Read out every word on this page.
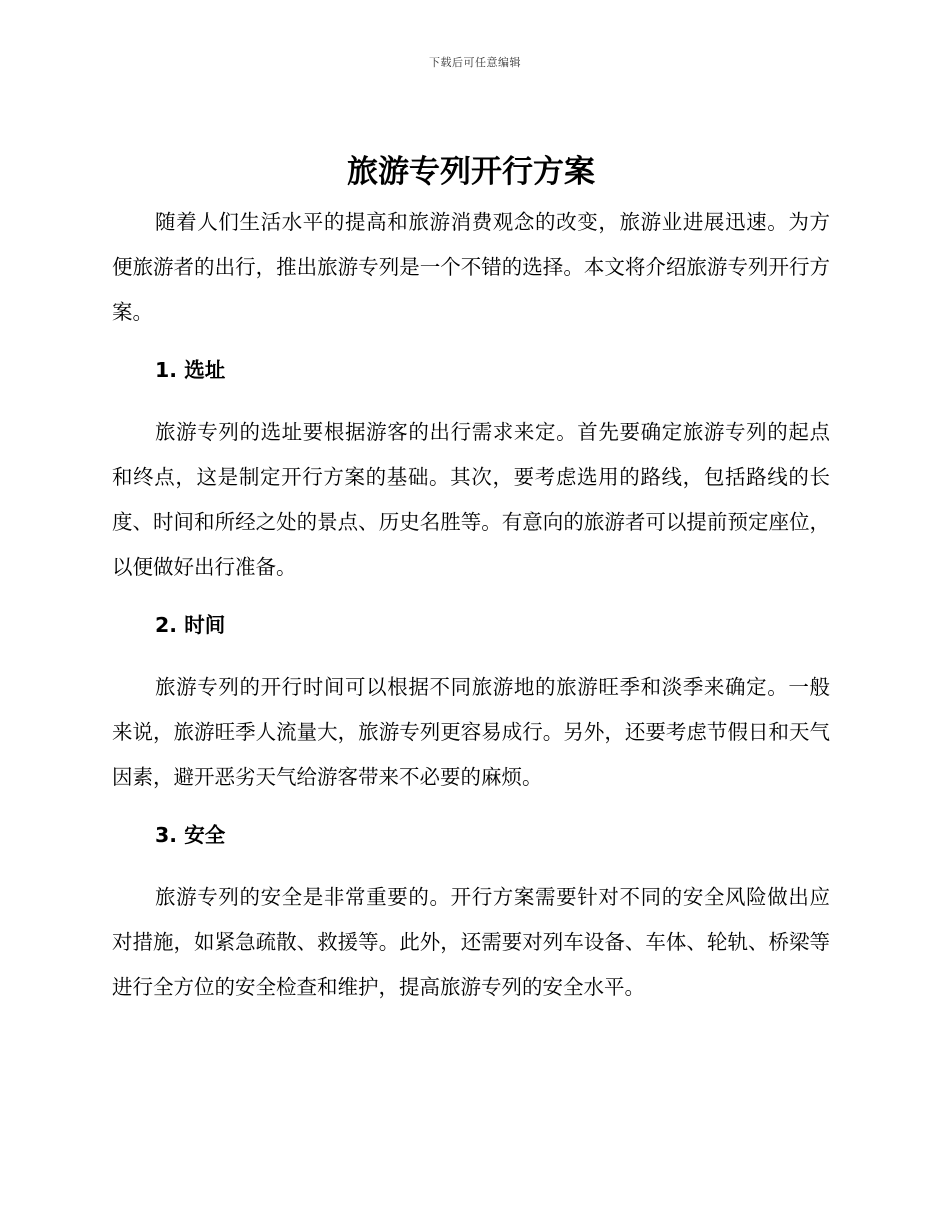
下载后可任意编辑
旅游专列开行方案

随着人们生活水平的提高和旅游消费观念的改变，旅游业进展迅速。为方便旅游者的出行，推出旅游专列是一个不错的选择。本文将介绍旅游专列开行方案。

1. 选址

旅游专列的选址要根据游客的出行需求来定。首先要确定旅游专列的起点和终点，这是制定开行方案的基础。其次，要考虑选用的路线，包括路线的长度、时间和所经之处的景点、历史名胜等。有意向的旅游者可以提前预定座位，以便做好出行准备。

2. 时间

旅游专列的开行时间可以根据不同旅游地的旅游旺季和淡季来确定。一般来说，旅游旺季人流量大，旅游专列更容易成行。另外，还要考虑节假日和天气因素，避开恶劣天气给游客带来不必要的麻烦。

3. 安全

旅游专列的安全是非常重要的。开行方案需要针对不同的安全风险做出应对措施，如紧急疏散、救援等。此外，还需要对列车设备、车体、轮轨、桥梁等进行全方位的安全检查和维护，提高旅游专列的安全水平。
